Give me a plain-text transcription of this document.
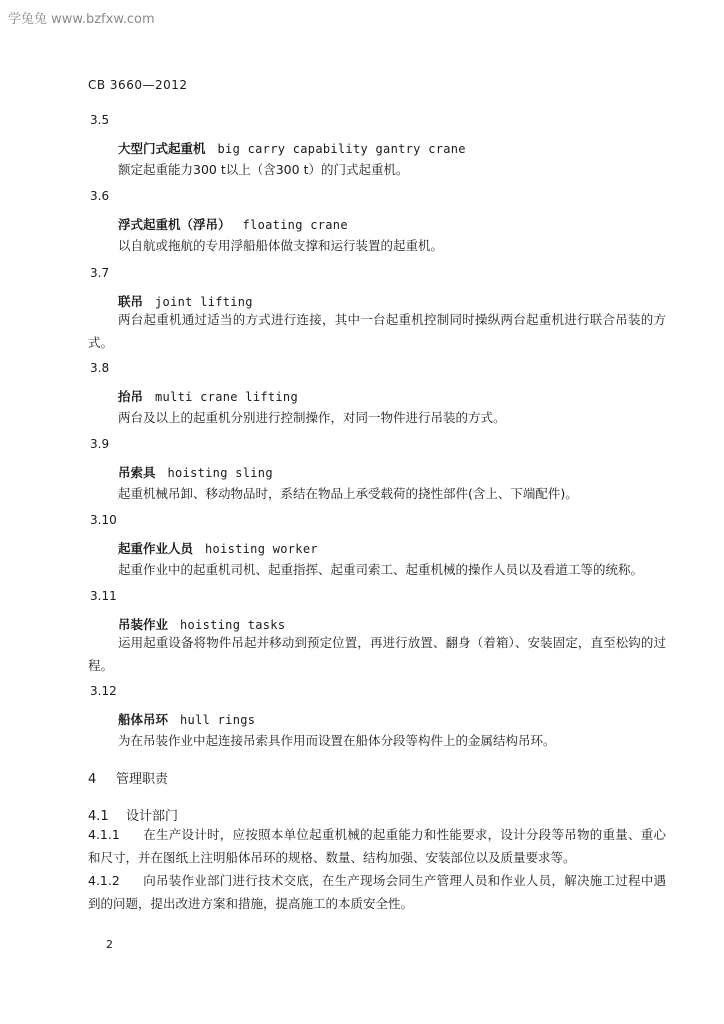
学兔兔 www.bzfxw.com
CB 3660—2012
3.5
大型门式起重机 big carry capability gantry crane
额定起重能力300 t以上（含300 t）的门式起重机。
3.6
浮式起重机（浮吊） floating crane
以自航或拖航的专用浮船船体做支撑和运行装置的起重机。
3.7
联吊 joint lifting
两台起重机通过适当的方式进行连接，其中一台起重机控制同时操纵两台起重机进行联合吊装的方式。
3.8
抬吊 multi crane lifting
两台及以上的起重机分别进行控制操作，对同一物件进行吊装的方式。
3.9
吊索具 hoisting sling
起重机械吊卸、移动物品时，系结在物品上承受载荷的挠性部件(含上、下端配件)。
3.10
起重作业人员 hoisting worker
起重作业中的起重机司机、起重指挥、起重司索工、起重机械的操作人员以及看道工等的统称。
3.11
吊装作业 hoisting tasks
运用起重设备将物件吊起并移动到预定位置，再进行放置、翻身（着箱）、安装固定，直至松钩的过程。
3.12
船体吊环 hull rings
为在吊装作业中起连接吊索具作用而设置在船体分段等构件上的金属结构吊环。
4 管理职责
4.1 设计部门
4.1.1 在生产设计时，应按照本单位起重机械的起重能力和性能要求，设计分段等吊物的重量、重心和尺寸，并在图纸上注明船体吊环的规格、数量、结构加强、安装部位以及质量要求等。
4.1.2 向吊装作业部门进行技术交底，在生产现场会同生产管理人员和作业人员，解决施工过程中遇到的问题，提出改进方案和措施，提高施工的本质安全性。
2
